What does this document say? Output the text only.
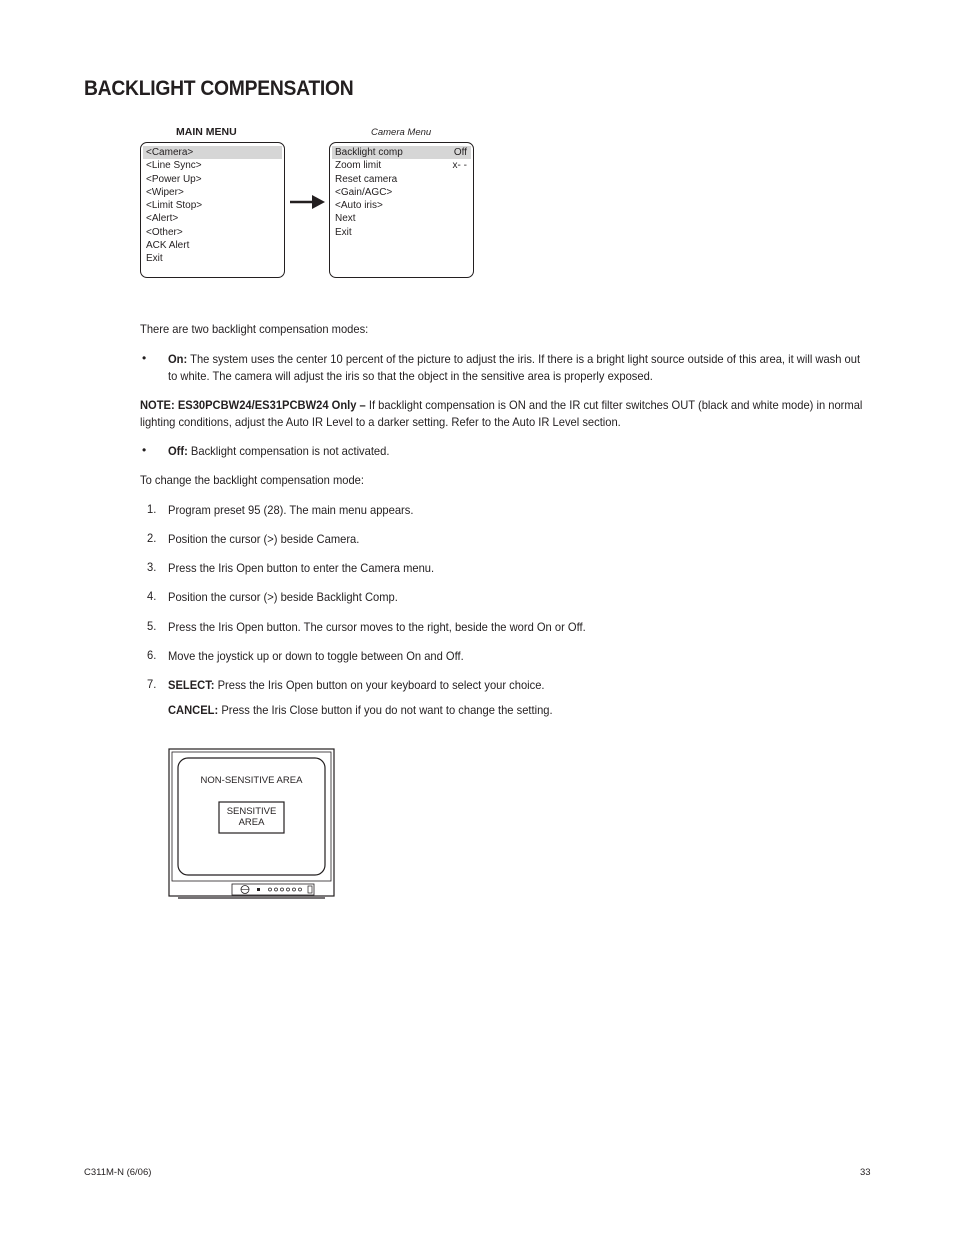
BACKLIGHT COMPENSATION
MAIN MENU
<Camera>
<Line Sync>
<Power Up>
<Wiper>
<Limit Stop>
<Alert>
<Other>
ACK Alert
Exit
Camera Menu
Backlight comp	Off
Zoom limit	x- -
Reset camera
<Gain/AGC>
<Auto iris>
Next
Exit
There are two backlight compensation modes:
• On: The system uses the center 10 percent of the picture to adjust the iris. If there is a bright light source outside of this area, it will wash out to white. The camera will adjust the iris so that the object in the sensitive area is properly exposed.
NOTE: ES30PCBW24/ES31PCBW24 Only – If backlight compensation is ON and the IR cut filter switches OUT (black and white mode) in normal lighting conditions, adjust the Auto IR Level to a darker setting. Refer to the Auto IR Level section.
• Off: Backlight compensation is not activated.
To change the backlight compensation mode:
1. Program preset 95 (28). The main menu appears.
2. Position the cursor (>) beside Camera.
3. Press the Iris Open button to enter the Camera menu.
4. Position the cursor (>) beside Backlight Comp.
5. Press the Iris Open button. The cursor moves to the right, beside the word On or Off.
6. Move the joystick up or down to toggle between On and Off.
7. SELECT: Press the Iris Open button on your keyboard to select your choice.
CANCEL: Press the Iris Close button if you do not want to change the setting.
NON-SENSITIVE AREA
SENSITIVE
AREA
C311M-N (6/06)	33
